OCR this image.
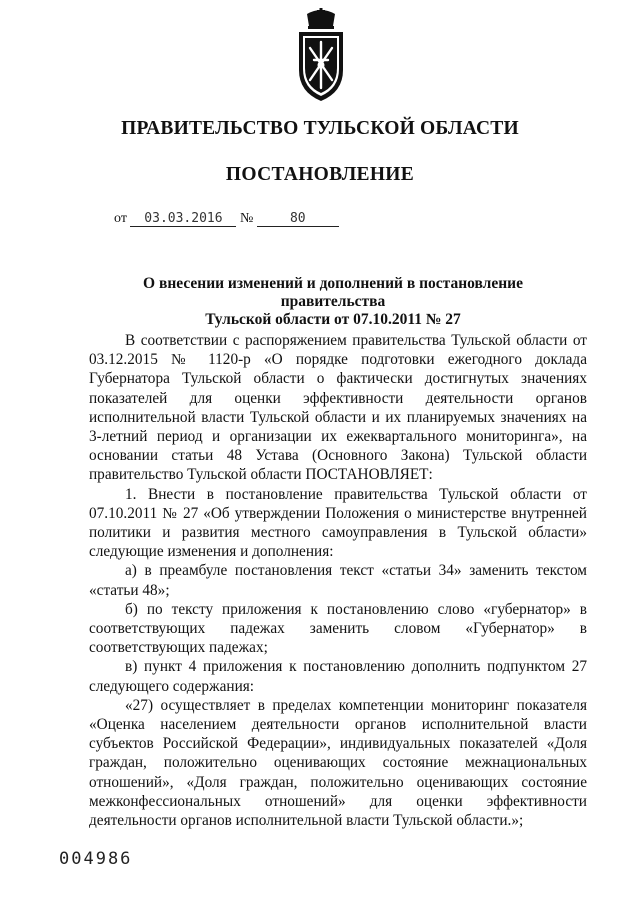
ПРАВИТЕЛЬСТВО ТУЛЬСКОЙ ОБЛАСТИ
ПОСТАНОВЛЕНИЕ
от 03.03.2016 №	80
О внесении изменений и дополнений в постановление правительства
Тульской области от 07.10.2011 № 27

В соответствии с распоряжением правительства Тульской области от 03.12.2015 № 1120-р «О порядке подготовки ежегодного доклада Губернатора Тульской области о фактически достигнутых значениях показателей для оценки эффективности деятельности органов исполнительной власти Тульской области и их планируемых значениях на 3-летний период и организации их ежеквартального мониторинга», на основании статьи 48 Устава (Основного Закона) Тульской области правительство Тульской области ПОСТАНОВЛЯЕТ:

1. Внести в постановление правительства Тульской области от 07.10.2011 № 27 «Об утверждении Положения о министерстве внутренней политики и развития местного самоуправления в Тульской области» следующие изменения и дополнения:

а) в преамбуле постановления текст «статьи 34» заменить текстом «статьи 48»;

б) по тексту приложения к постановлению слово «губернатор» в соответствующих падежах заменить словом «Губернатор» в соответствующих падежах;

в) пункт 4 приложения к постановлению дополнить подпунктом 27 следующего содержания:

«27) осуществляет в пределах компетенции мониторинг показателя «Оценка населением деятельности органов исполнительной власти субъектов Российской Федерации», индивидуальных показателей «Доля граждан, положительно оценивающих состояние межнациональных отношений», «Доля граждан, положительно оценивающих состояние межконфессиональных отношений» для оценки эффективности деятельности органов исполнительной власти Тульской области.»;

004986
